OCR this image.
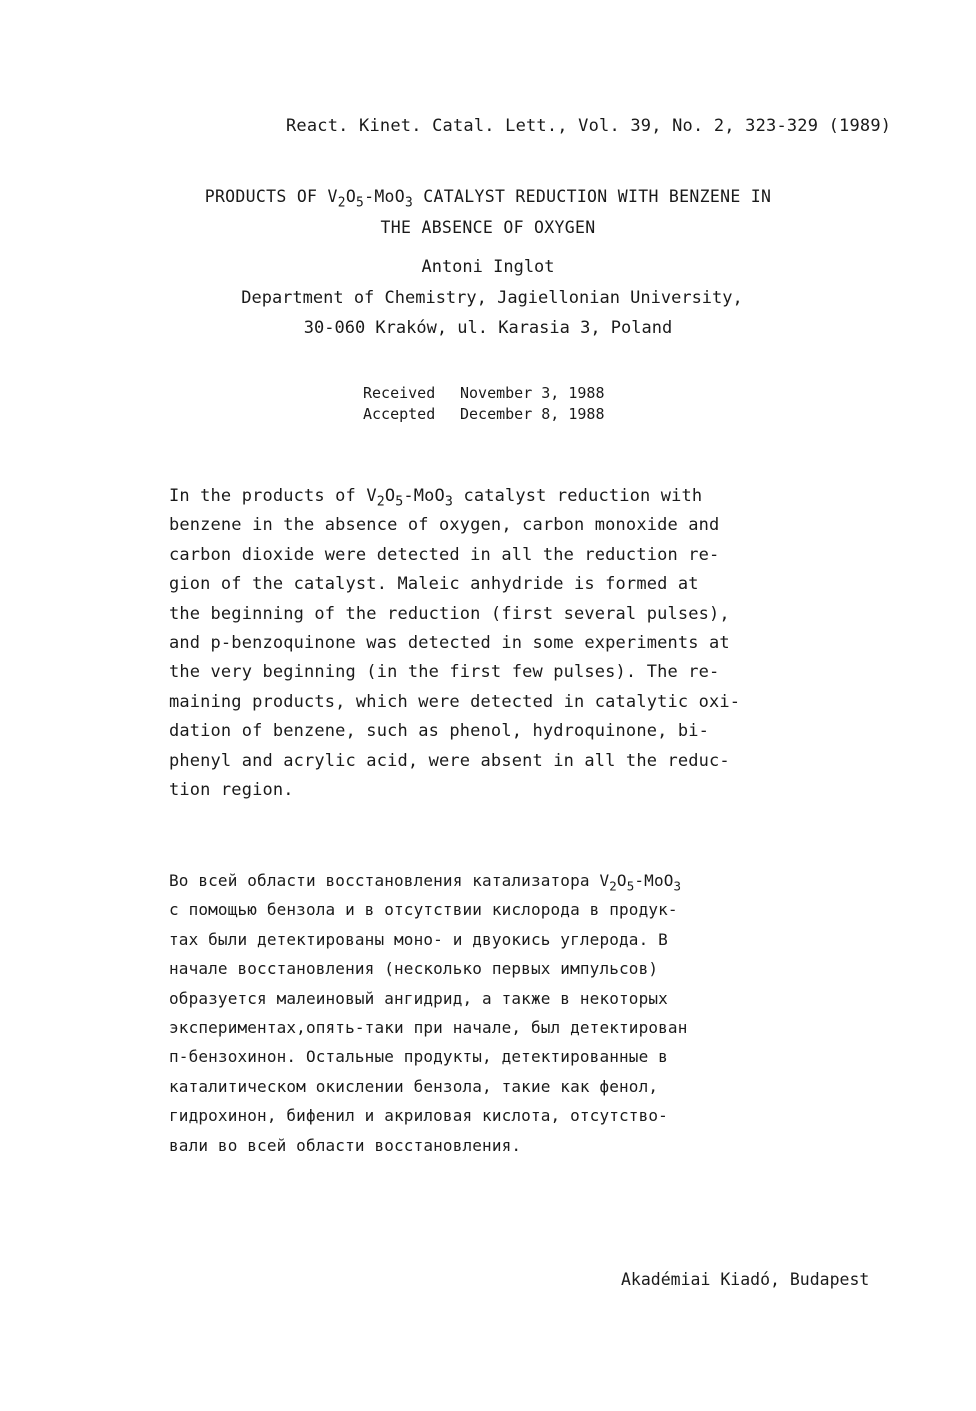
React. Kinet. Catal. Lett., Vol. 39, No. 2, 323-329 (1989)
PRODUCTS OF $V_2O_5-MoO_3$ CATALYST REDUCTION WITH BENZENE IN
THE ABSENCE OF OXYGEN
Antoni Inglot
Department of Chemistry, Jagiellonian University,
30-060 Kraków, ul. Karasia 3, Poland
Received November 3, 1988
Accepted December 8, 1988
In the products of $V_2O_5-MoO_3$ catalyst reduction with
benzene in the absence of oxygen, carbon monoxide and
carbon dioxide were detected in all the reduction re-
gion of the catalyst. Maleic anhydride is formed at
the beginning of the reduction (first several pulses),
and p-benzoquinone was detected in some experiments at
the very beginning (in the first few pulses). The re-
maining products, which were detected in catalytic oxi-
dation of benzene, such as phenol, hydroquinone, bi-
phenyl and acrylic acid, were absent in all the reduc-
tion region.
Во всей области восстановления катализатора $V_2O_5-MoO_3$
с помощью бензола и в отсутствии кислорода в продук-
тах были детектированы моно- и двуокись углерода. В
начале восстановления (несколько первых импульсов)
образуется малеиновый ангидрид, а также в некоторых
экспериментах,опять-таки при начале, был детектирован
п-бензохинон. Остальные продукты, детектированные в
каталитическом окислении бензола, такие как фенол,
гидрохинон, бифенил и акриловая кислота, отсутство-
вали во всей области восстановления.
Akadémiai Kiadó, Budapest
